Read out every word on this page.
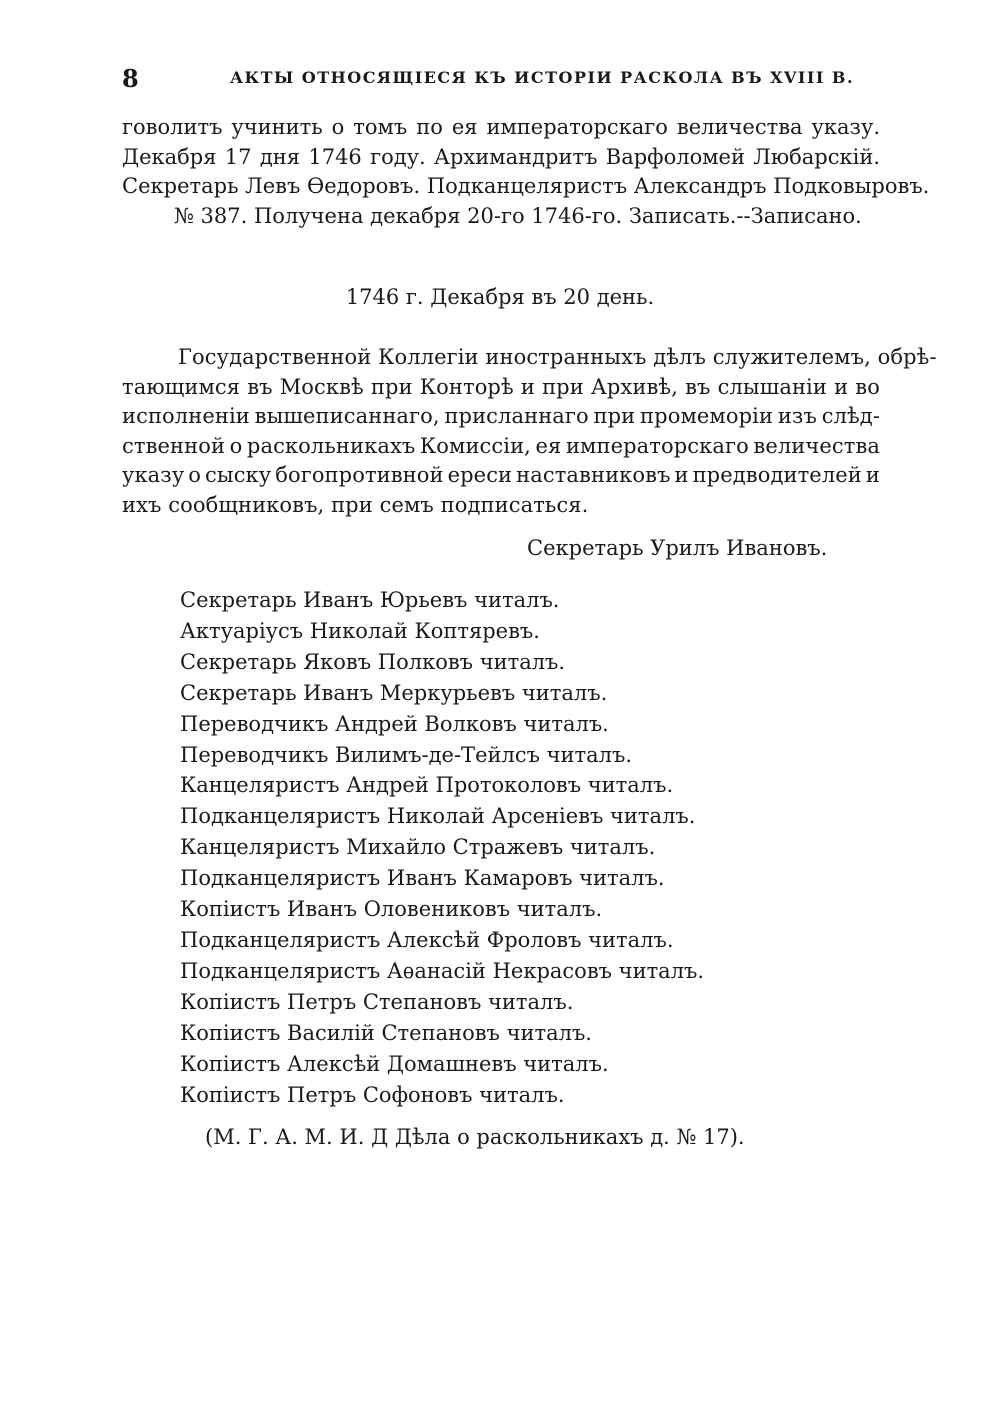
8	АКТЫ ОТНОСЯЩІЕСЯ КЪ ИСТОРІИ РАСКОЛА ВЪ XVIII В.
говолитъ учинить о томъ по ея императорскаго величества указу.
Декабря 17 дня 1746 году. Архимандритъ Варфоломей Любарскій.
Секретарь Левъ Ѳедоровъ. Подканцеляристъ Александръ Подковыровъ.
№ 387. Получена декабря 20-го 1746-го. Записать.--Записано.
1746 г. Декабря въ 20 день.
Государственной Коллегіи иностранныхъ дѣлъ служителемъ, обрѣ-
тающимся въ Москвѣ при Конторѣ и при Архивѣ, въ слышаніи и во
исполненіи вышеписаннаго, присланнаго при промеморіи изъ слѣд-
ственной о раскольникахъ Комиссіи, ея императорскаго величества
указу о сыску богопротивной ереси наставниковъ и предводителей и
ихъ сообщниковъ, при семъ подписаться.
Секретарь Урилъ Ивановъ.
Секретарь Иванъ Юрьевъ читалъ.
Актуаріусъ Николай Коптяревъ.
Секретарь Яковъ Полковъ читалъ.
Секретарь Иванъ Меркурьевъ читалъ.
Переводчикъ Андрей Волковъ читалъ.
Переводчикъ Вилимъ-де-Тейлсъ читалъ.
Канцеляристъ Андрей Протоколовъ читалъ.
Подканцеляристъ Николай Арсеніевъ читалъ.
Канцеляристъ Михайло Стражевъ читалъ.
Подканцеляристъ Иванъ Камаровъ читалъ.
Копіистъ Иванъ Оловениковъ читалъ.
Подканцеляристъ Алексѣй Фроловъ читалъ.
Подканцеляристъ Аѳанасій Некрасовъ читалъ.
Копіистъ Петръ Степановъ читалъ.
Копіистъ Василій Степановъ читалъ.
Копіистъ Алексѣй Домашневъ читалъ.
Копіистъ Петръ Софоновъ читалъ.
(М. Г. А. М. И. Д Дѣла о раскольникахъ д. № 17).
